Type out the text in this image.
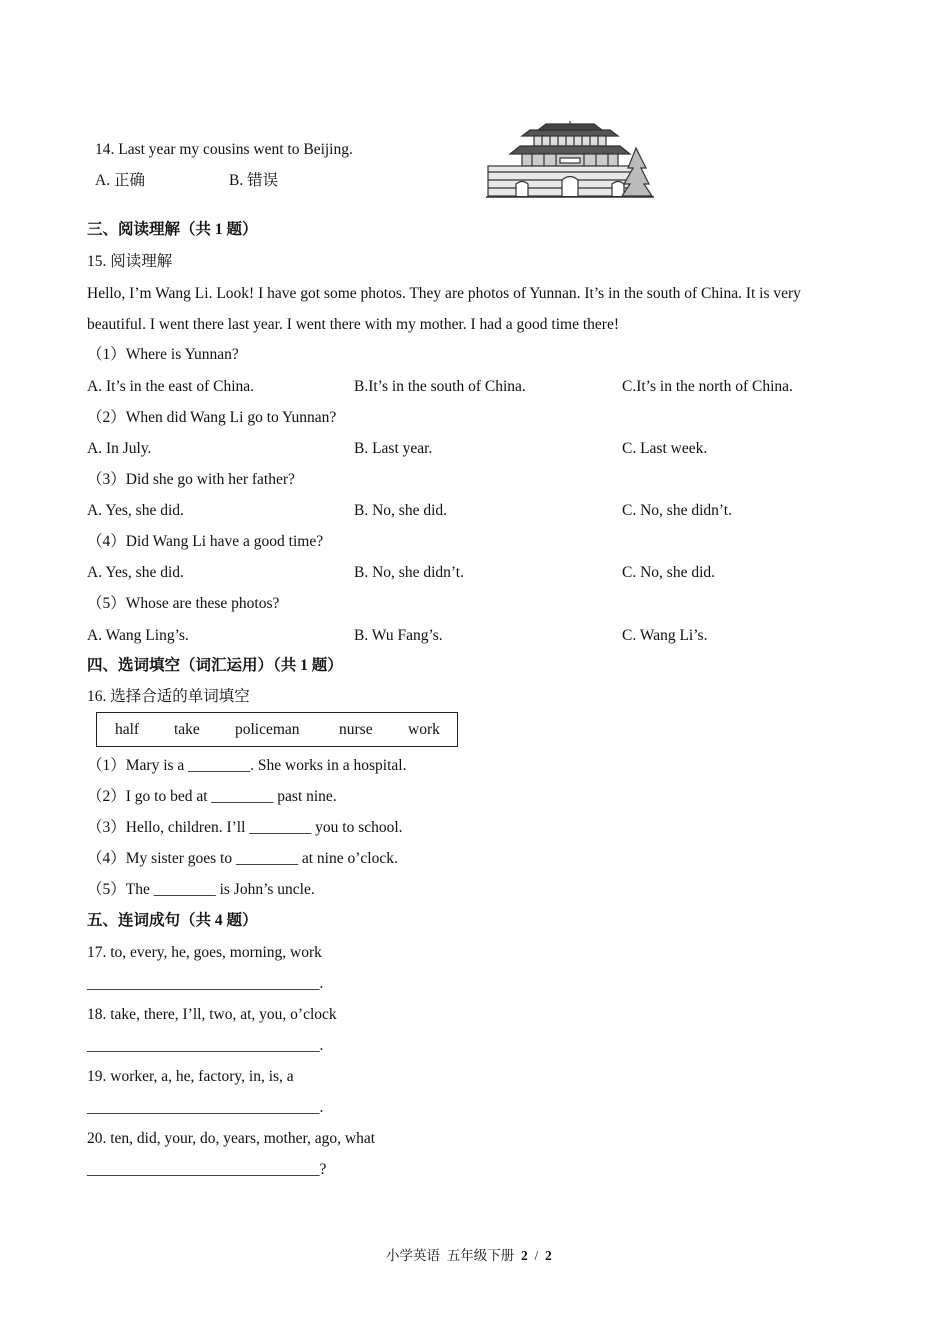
14. Last year my cousins went to Beijing.
A. 正确	B. 错误
三、阅读理解（共 1 题）
15. 阅读理解
Hello, I’m Wang Li. Look! I have got some photos. They are photos of Yunnan. It’s in the south of China. It is very
beautiful. I went there last year. I went there with my mother. I had a good time there!
（1）Where is Yunnan?
A. It’s in the east of China.	B.It’s in the south of China.	C.It’s in the north of China.
（2）When did Wang Li go to Yunnan?
A. In July.	B. Last year.	C. Last week.
（3）Did she go with her father?
A. Yes, she did.	B. No, she did.	C. No, she didn’t.
（4）Did Wang Li have a good time?
A. Yes, she did.	B. No, she didn’t.	C. No, she did.
（5）Whose are these photos?
A. Wang Ling’s.	B. Wu Fang’s.	C. Wang Li’s.
四、选词填空（词汇运用）（共 1 题）
16. 选择合适的单词填空
half take policeman	nurse work
（1）Mary is a ________. She works in a hospital.
（2）I go to bed at ________ past nine.
（3）Hello, children. I’ll ________ you to school.
（4）My sister goes to ________ at nine o’clock.
（5）The ________ is John’s uncle.
五、连词成句（共 4 题）
17. to, every, he, goes, morning, work
______________________________.
18. take, there, I’ll, two, at, you, o’clock
______________________________.
19. worker, a, he, factory, in, is, a
______________________________.
20. ten, did, your, do, years, mother, ago, what
______________________________?
小学英语  五年级下册  2  /  2
